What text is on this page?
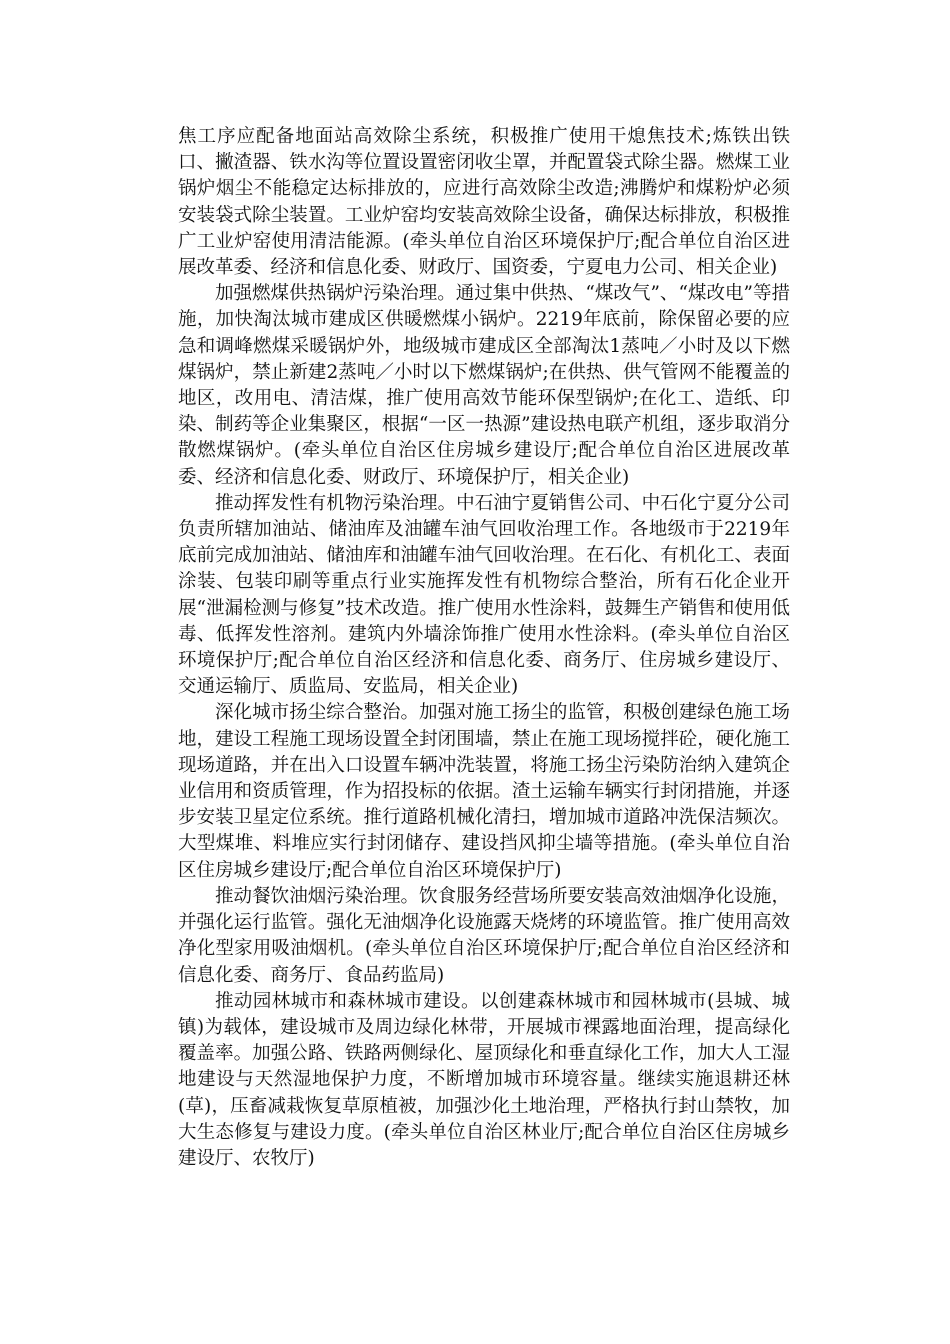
焦工序应配备地面站高效除尘系统，积极推广使用干熄焦技术;炼铁出铁口、撇渣器、铁水沟等位置设置密闭收尘罩，并配置袋式除尘器。燃煤工业锅炉烟尘不能稳定达标排放的，应进行高效除尘改造;沸腾炉和煤粉炉必须安装袋式除尘装置。工业炉窑均安装高效除尘设备，确保达标排放，积极推广工业炉窑使用清洁能源。(牵头单位自治区环境保护厅;配合单位自治区进展改革委、经济和信息化委、财政厅、国资委，宁夏电力公司、相关企业)

加强燃煤供热锅炉污染治理。通过集中供热、“煤改气”、“煤改电”等措施，加快淘汰城市建成区供暖燃煤小锅炉。2219年底前，除保留必要的应急和调峰燃煤采暖锅炉外，地级城市建成区全部淘汰1蒸吨／小时及以下燃煤锅炉，禁止新建2蒸吨／小时以下燃煤锅炉;在供热、供气管网不能覆盖的地区，改用电、清洁煤，推广使用高效节能环保型锅炉;在化工、造纸、印染、制药等企业集聚区，根据“一区一热源”建设热电联产机组，逐步取消分散燃煤锅炉。(牵头单位自治区住房城乡建设厅;配合单位自治区进展改革委、经济和信息化委、财政厅、环境保护厅，相关企业)

推动挥发性有机物污染治理。中石油宁夏销售公司、中石化宁夏分公司负责所辖加油站、储油库及油罐车油气回收治理工作。各地级市于2219年底前完成加油站、储油库和油罐车油气回收治理。在石化、有机化工、表面涂装、包装印刷等重点行业实施挥发性有机物综合整治，所有石化企业开展“泄漏检测与修复”技术改造。推广使用水性涂料，鼓舞生产销售和使用低毒、低挥发性溶剂。建筑内外墙涂饰推广使用水性涂料。(牵头单位自治区环境保护厅;配合单位自治区经济和信息化委、商务厅、住房城乡建设厅、交通运输厅、质监局、安监局，相关企业)

深化城市扬尘综合整治。加强对施工扬尘的监管，积极创建绿色施工场地，建设工程施工现场设置全封闭围墙，禁止在施工现场搅拌砼，硬化施工现场道路，并在出入口设置车辆冲洗装置，将施工扬尘污染防治纳入建筑企业信用和资质管理，作为招投标的依据。渣土运输车辆实行封闭措施，并逐步安装卫星定位系统。推行道路机械化清扫，增加城市道路冲洗保洁频次。大型煤堆、料堆应实行封闭储存、建设挡风抑尘墙等措施。(牵头单位自治区住房城乡建设厅;配合单位自治区环境保护厅)

推动餐饮油烟污染治理。饮食服务经营场所要安装高效油烟净化设施，并强化运行监管。强化无油烟净化设施露天烧烤的环境监管。推广使用高效净化型家用吸油烟机。(牵头单位自治区环境保护厅;配合单位自治区经济和信息化委、商务厅、食品药监局)

推动园林城市和森林城市建设。以创建森林城市和园林城市(县城、城镇)为载体，建设城市及周边绿化林带，开展城市裸露地面治理，提高绿化覆盖率。加强公路、铁路两侧绿化、屋顶绿化和垂直绿化工作，加大人工湿地建设与天然湿地保护力度，不断增加城市环境容量。继续实施退耕还林(草)，压畜减栽恢复草原植被，加强沙化土地治理，严格执行封山禁牧，加大生态修复与建设力度。(牵头单位自治区林业厅;配合单位自治区住房城乡建设厅、农牧厅)
